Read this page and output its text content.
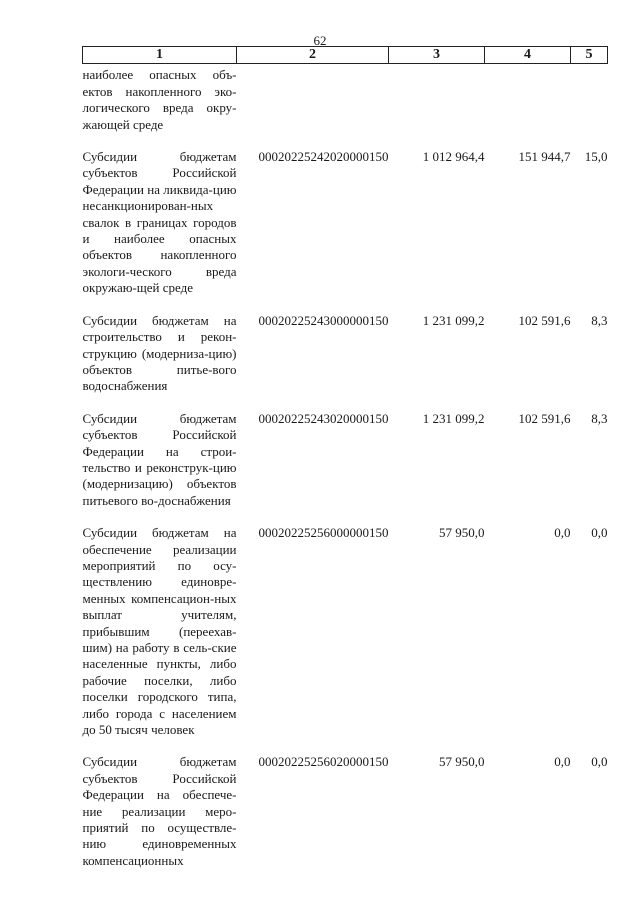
62
1	2	3	4	5
наиболее опасных объ-ектов накопленного эко-логического вреда окру-жающей среде				
Субсидии бюджетам субъектов Российской Федерации на ликвида-цию несанкционирован-ных свалок в границах городов и наиболее опасных объектов накопленного экологи-ческого вреда окружаю-щей среде	00020225242020000150	1 012 964,4	151 944,7	15,0
Субсидии бюджетам на строительство и рекон-струкцию (модерниза-цию) объектов питье-вого водоснабжения	00020225243000000150	1 231 099,2	102 591,6	8,3
Субсидии бюджетам субъектов Российской Федерации на строи-тельство и реконструк-цию (модернизацию) объектов питьевого во-доснабжения	00020225243020000150	1 231 099,2	102 591,6	8,3
Субсидии бюджетам на обеспечение реализации мероприятий по осу-ществлению единовре-менных компенсацион-ных выплат учителям, прибывшим (переехав-шим) на работу в сель-ские населенные пункты, либо рабочие поселки, либо поселки городского типа, либо города с населением до 50 тысяч человек	00020225256000000150	57 950,0	0,0	0,0
Субсидии бюджетам субъектов Российской Федерации на обеспече-ние реализации меро-приятий по осуществле-нию единовременных компенсационных	00020225256020000150	57 950,0	0,0	0,0
